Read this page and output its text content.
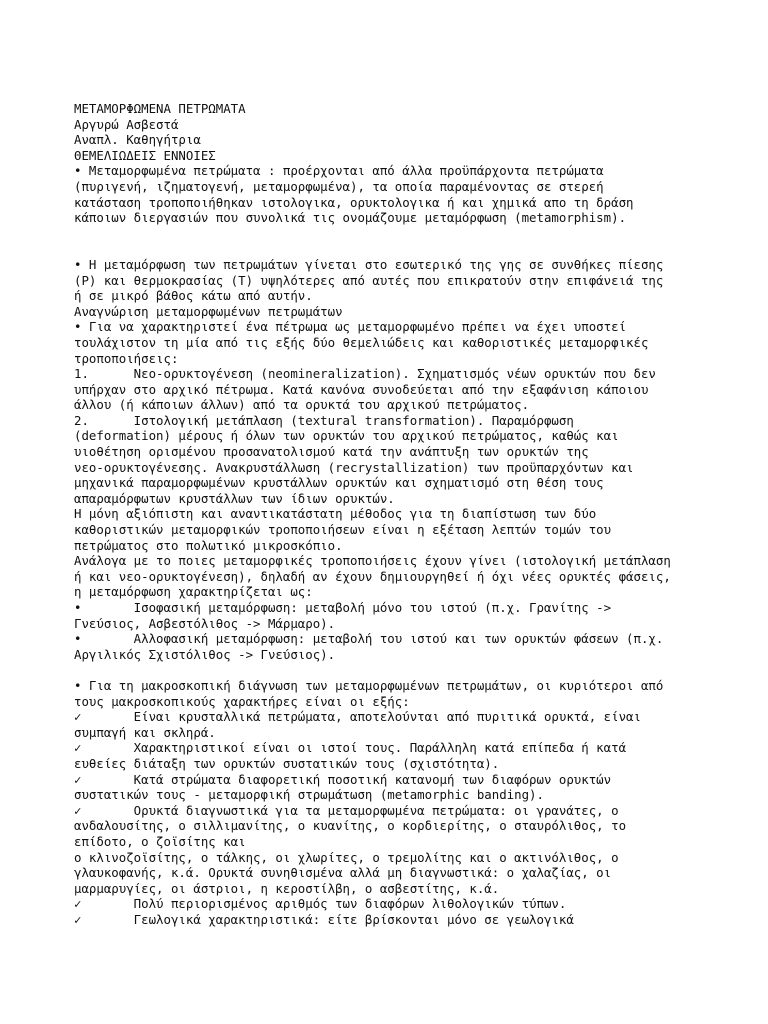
ΜΕΤΑΜΟΡΦΩΜΕΝΑ ΠΕΤΡΩΜΑΤΑ
Αργυρώ Ασβεστά
Αναπλ. Καθηγήτρια
ΘΕΜΕΛΙΩΔΕΙΣ ΕΝΝΟΙΕΣ
• Μεταμορφωμένα πετρώματα : προέρχονται από άλλα προϋπάρχοντα πετρώματα
(πυριγενή, ιζηματογενή, μεταμορφωμένα), τα οποία παραμένοντας σε στερεή
κατάσταση τροποποιήθηκαν ιστολογικα, ορυκτολογικα ή και χημικά απο τη δράση
κάποιων διεργασιών που συνολικά τις ονομάζουμε μεταμόρφωση (metamorphism).
• Η μεταμόρφωση των πετρωμάτων γίνεται στο εσωτερικό της γης σε συνθήκες πίεσης
(P) και θερμοκρασίας (T) υψηλότερες από αυτές που επικρατούν στην επιφάνειά της
ή σε μικρό βάθος κάτω από αυτήν.
Αναγνώριση μεταμορφωμένων πετρωμάτων
• Για να χαρακτηριστεί ένα πέτρωμα ως μεταμορφωμένο πρέπει να έχει υποστεί
τουλάχιστον τη μία από τις εξής δύο θεμελιώδεις και καθοριστικές μεταμορφικές
τροποποιήσεις:
1.      Νεο-ορυκτογένεση (neomineralization). Σχηματισμός νέων ορυκτών που δεν
υπήρχαν στο αρχικό πέτρωμα. Κατά κανόνα συνοδεύεται από την εξαφάνιση κάποιου
άλλου (ή κάποιων άλλων) από τα ορυκτά του αρχικού πετρώματος.
2.      Ιστολογική μετάπλαση (textural transformation). Παραμόρφωση
(deformation) μέρους ή όλων των ορυκτών του αρχικού πετρώματος, καθώς και
υιοθέτηση ορισμένου προσανατολισμού κατά την ανάπτυξη των ορυκτών της
νεο-ορυκτογένεσης. Ανακρυστάλλωση (recrystallization) των προϋπαρχόντων και
μηχανικά παραμορφωμένων κρυστάλλων ορυκτών και σχηματισμό στη θέση τους
απαραμόρφωτων κρυστάλλων των ίδιων ορυκτών.
Η μόνη αξιόπιστη και αναντικατάστατη μέθοδος για τη διαπίστωση των δύο
καθοριστικών μεταμορφικών τροποποιήσεων είναι η εξέταση λεπτών τομών του
πετρώματος στο πολωτικό μικροσκόπιο.
Ανάλογα με το ποιες μεταμορφικές τροποποιήσεις έχουν γίνει (ιστολογική μετάπλαση
ή και νεο-ορυκτογένεση), δηλαδή αν έχουν δημιουργηθεί ή όχι νέες ορυκτές φάσεις,
η μεταμόρφωση χαρακτηρίζεται ως:
•       Ισοφασική μεταμόρφωση: μεταβολή μόνο του ιστού (π.χ. Γρανίτης ->
Γνεύσιος, Ασβεστόλιθος -> Μάρμαρο).
•       Αλλοφασική μεταμόρφωση: μεταβολή του ιστού και των ορυκτών φάσεων (π.χ.
Αργιλικός Σχιστόλιθος -> Γνεύσιος).
• Για τη μακροσκοπική διάγνωση των μεταμορφωμένων πετρωμάτων, οι κυριότεροι από
τους μακροσκοπικούς χαρακτήρες είναι οι εξής:
✓       Είναι κρυσταλλικά πετρώματα, αποτελούνται από πυριτικά ορυκτά, είναι
συμπαγή και σκληρά.
✓       Χαρακτηριστικοί είναι οι ιστοί τους. Παράλληλη κατά επίπεδα ή κατά
ευθείες διάταξη των ορυκτών συστατικών τους (σχιστότητα).
✓       Κατά στρώματα διαφορετική ποσοτική κατανομή των διαφόρων ορυκτών
συστατικών τους - μεταμορφική στρωμάτωση (metamorphic banding).
✓       Ορυκτά διαγνωστικά για τα μεταμορφωμένα πετρώματα: οι γρανάτες, ο
ανδαλουσίτης, ο σιλλιμανίτης, ο κυανίτης, ο κορδιερίτης, ο σταυρόλιθος, το
επίδοτο, ο ζοϊσίτης και
ο κλινοζοϊσίτης, ο τάλκης, οι χλωρίτες, ο τρεμολίτης και ο ακτινόλιθος, ο
γλαυκοφανής, κ.ά. Ορυκτά συνηθισμένα αλλά μη διαγνωστικά: ο χαλαζίας, οι
μαρμαρυγίες, οι άστριοι, η κεροστίλβη, ο ασβεστίτης, κ.ά.
✓       Πολύ περιορισμένος αριθμός των διαφόρων λιθολογικών τύπων.
✓       Γεωλογικά χαρακτηριστικά: είτε βρίσκονται μόνο σε γεωλογικά
